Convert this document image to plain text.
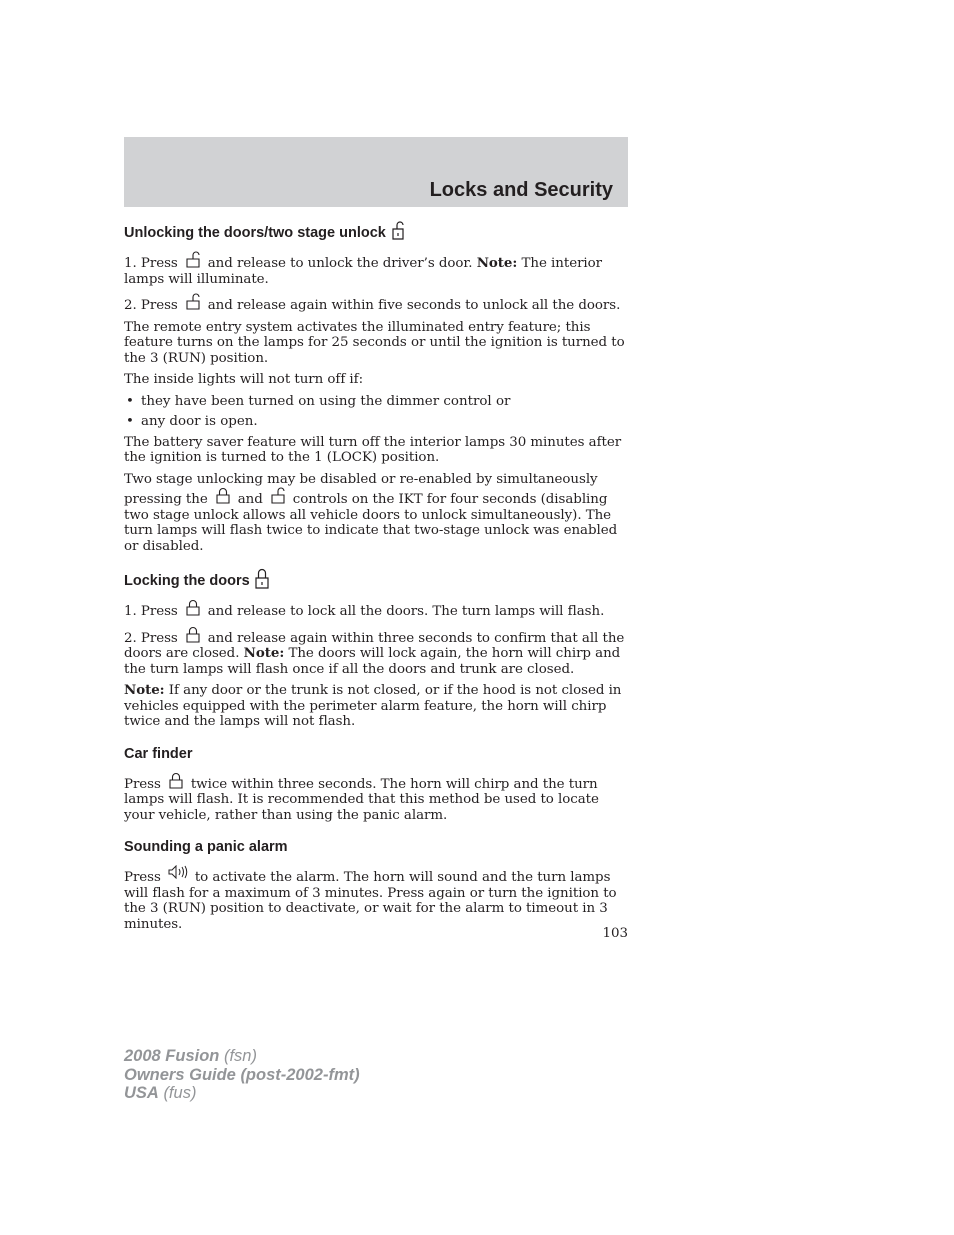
Locks and Security
Unlocking the doors/two stage unlock

1. Press and release to unlock the driver’s door. Note: The interior lamps will illuminate.

2. Press and release again within five seconds to unlock all the doors.

The remote entry system activates the illuminated entry feature; this feature turns on the lamps for 25 seconds or until the ignition is turned to the 3 (RUN) position.

The inside lights will not turn off if:

• they have been turned on using the dimmer control or
• any door is open.

The battery saver feature will turn off the interior lamps 30 minutes after the ignition is turned to the 1 (LOCK) position.

Two stage unlocking may be disabled or re-enabled by simultaneously pressing the and controls on the IKT for four seconds (disabling two stage unlock allows all vehicle doors to unlock simultaneously). The turn lamps will flash twice to indicate that two-stage unlock was enabled or disabled.

Locking the doors

1. Press and release to lock all the doors. The turn lamps will flash.

2. Press and release again within three seconds to confirm that all the doors are closed. Note: The doors will lock again, the horn will chirp and the turn lamps will flash once if all the doors and trunk are closed.

Note: If any door or the trunk is not closed, or if the hood is not closed in vehicles equipped with the perimeter alarm feature, the horn will chirp twice and the lamps will not flash.

Car finder

Press twice within three seconds. The horn will chirp and the turn lamps will flash. It is recommended that this method be used to locate your vehicle, rather than using the panic alarm.

Sounding a panic alarm

Press	to activate the alarm. The horn will sound and the turn lamps will flash for a maximum of 3 minutes. Press again or turn the ignition to the 3 (RUN) position to deactivate, or wait for the alarm to timeout in 3 minutes.

103
2008 Fusion (fsn)
Owners Guide (post-2002-fmt)
USA (fus)
